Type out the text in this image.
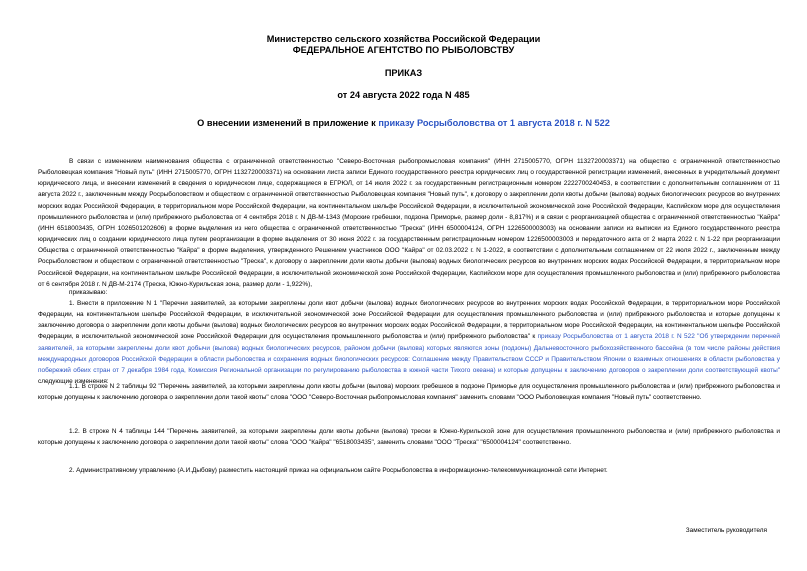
Министерство сельского хозяйства Российской Федерации
ФЕДЕРАЛЬНОЕ АГЕНТСТВО ПО РЫБОЛОВСТВУ
ПРИКАЗ
от 24 августа 2022 года N 485
О внесении изменений в приложение к приказу Росрыболовства от 1 августа 2018 г. N 522

В связи с изменением наименования общества с ограниченной ответственностью "Северо-Восточная рыбопромысловая компания" (ИНН 2715005770, ОГРН 1132720003371) на общество с ограниченной ответственностью Рыболовецкая компания "Новый путь" (ИНН 2715005770, ОГРН 1132720003371) на основании листа записи Единого государственного реестра юридических лиц о государственной регистрации изменений, внесенных в учредительный документ юридического лица, и внесении изменений в сведения о юридическом лице, содержащиеся в ЕГРЮЛ, от 14 июля 2022 г. за государственным регистрационным номером 2222700240453, в соответствии с дополнительным соглашением от 11 августа 2022 г., заключенным между Росрыболовством и обществом с ограниченной ответственностью Рыболовецкая компания "Новый путь", к договору о закреплении доли квоты добычи (вылова) водных биологических ресурсов во внутренних морских водах Российской Федерации, в территориальном море Российской Федерации, на континентальном шельфе Российской Федерации, в исключительной экономической зоне Российской Федерации, Каспийском море для осуществления промышленного рыболовства и (или) прибрежного рыболовства от 4 сентября 2018 г. N ДВ-М-1343 (Морские гребешки, подзона Приморье, размер доли - 8,817%) и в связи с реорганизацией общества с ограниченной ответственностью "Кайра" (ИНН 6518003435, ОГРН 1026501202606) в форме выделения из него общества с ограниченной ответственностью "Треска" (ИНН 6500004124, ОГРН 1226500003003) на основании записи из выписки из Единого государственного реестра юридических лиц о создании юридического лица путем реорганизации в форме выделения от 30 июня 2022 г. за государственным регистрационным номером 1226500003003 и передаточного акта от 2 марта 2022 г. N 1-22 при реорганизации Общества с ограниченной ответственностью "Кайра" в форме выделения, утвержденного Решением участников ООО "Кайра" от 02.03.2022 г. N 1-2022, в соответствии с дополнительным соглашением от 22 июля 2022 г., заключенным между Росрыболовством и обществом с ограниченной ответственностью "Треска", к договору о закреплении доли квоты добычи (вылова) водных биологических ресурсов во внутренних морских водах Российской Федерации, в территориальном море Российской Федерации, на континентальном шельфе Российской Федерации, в исключительной экономической зоне Российской Федерации, Каспийском море для осуществления промышленного рыболовства и (или) прибрежного рыболовства от 6 сентября 2018 г. N ДВ-М-2174 (Треска, Южно-Курильская зона, размер доли - 1,922%),

приказываю:

1. Внести в приложение N 1 "Перечни заявителей, за которыми закреплены доли квот добычи (вылова) водных биологических ресурсов во внутренних морских водах Российской Федерации, в территориальном море Российской Федерации, на континентальном шельфе Российской Федерации, в исключительной экономической зоне Российской Федерации для осуществления промышленного рыболовства и (или) прибрежного рыболовства и которые допущены к заключению договора о закреплении доли квоты добычи (вылова) водных биологических ресурсов во внутренних морских водах Российской Федерации, в территориальном море Российской Федерации, на континентальном шельфе Российской Федерации, в исключительной экономической зоне Российской Федерации для осуществления промышленного рыболовства и (или) прибрежного рыболовства" к приказу Росрыболовства от 1 августа 2018 г. N 522 "Об утверждении перечней заявителей, за которыми закреплены доли квот добычи (вылова) водных биологических ресурсов, районом добычи (вылова) которых являются зоны (подзоны) Дальневосточного рыбохозяйственного бассейна (в том числе районы действия международных договоров Российской Федерации в области рыболовства и сохранения водных биологических ресурсов: Соглашение между Правительством СССР и Правительством Японии о взаимных отношениях в области рыболовства у побережий обеих стран от 7 декабря 1984 года, Комиссия Региональной организации по регулированию рыболовства в южной части Тихого океана) и которые допущены к заключению договоров о закреплении доли соответствующей квоты" следующие изменения:

1.1. В строке N 2 таблицы 92 "Перечень заявителей, за которыми закреплены доли квоты добычи (вылова) морских гребешков в подзоне Приморье для осуществления промышленного рыболовства и (или) прибрежного рыболовства и которые допущены к заключению договора о закреплении доли такой квоты" слова "ООО "Северо-Восточная рыбопромысловая компания" заменить словами "ООО Рыболовецкая компания "Новый путь" соответственно.

1.2. В строке N 4 таблицы 144 "Перечень заявителей, за которыми закреплены доли квоты добычи (вылова) трески в Южно-Курильской зоне для осуществления промышленного рыболовства и (или) прибрежного рыболовства и которые допущены к заключению договора о закреплении доли такой квоты" слова "ООО "Кайра" "6518003435", заменить словами "ООО "Треска" "6500004124" соответственно.

2. Административному управлению (А.И.Дыбову) разместить настоящий приказ на официальном сайте Росрыболовства в информационно-телекоммуникационной сети Интернет.

Заместитель руководителя
